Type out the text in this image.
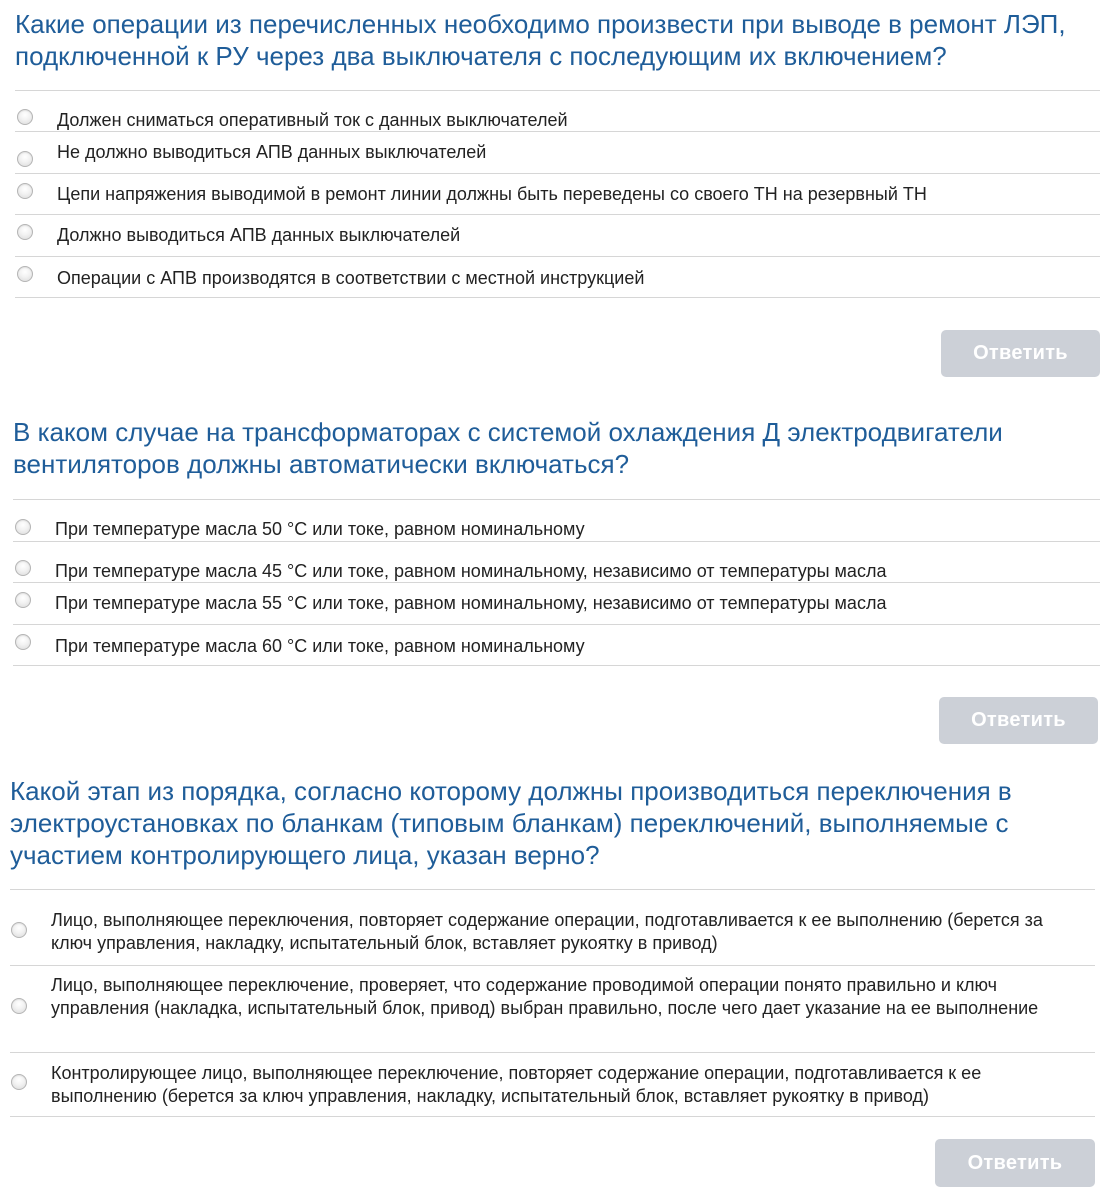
Какие операции из перечисленных необходимо произвести при выводе в ремонт ЛЭП, подключенной к РУ через два выключателя с последующим их включением?
Должен сниматься оперативный ток с данных выключателей
Не должно выводиться АПВ данных выключателей
Цепи напряжения выводимой в ремонт линии должны быть переведены со своего ТН на резервный ТН
Должно выводиться АПВ данных выключателей
Операции с АПВ производятся в соответствии с местной инструкцией
Ответить
В каком случае на трансформаторах с системой охлаждения Д электродвигатели вентиляторов должны автоматически включаться?
При температуре масла 50 °С или токе, равном номинальному
При температуре масла 45 °С или токе, равном номинальному, независимо от температуры масла
При температуре масла 55 °С или токе, равном номинальному, независимо от температуры масла
При температуре масла 60 °С или токе, равном номинальному
Ответить
Какой этап из порядка, согласно которому должны производиться переключения в электроустановках по бланкам (типовым бланкам) переключений, выполняемые с участием контролирующего лица, указан верно?
Лицо, выполняющее переключения, повторяет содержание операции, подготавливается к ее выполнению (берется за ключ управления, накладку, испытательный блок, вставляет рукоятку в привод)
Лицо, выполняющее переключение, проверяет, что содержание проводимой операции понято правильно и ключ управления (накладка, испытательный блок, привод) выбран правильно, после чего дает указание на ее выполнение
Контролирующее лицо, выполняющее переключение, повторяет содержание операции, подготавливается к ее выполнению (берется за ключ управления, накладку, испытательный блок, вставляет рукоятку в привод)
Ответить
